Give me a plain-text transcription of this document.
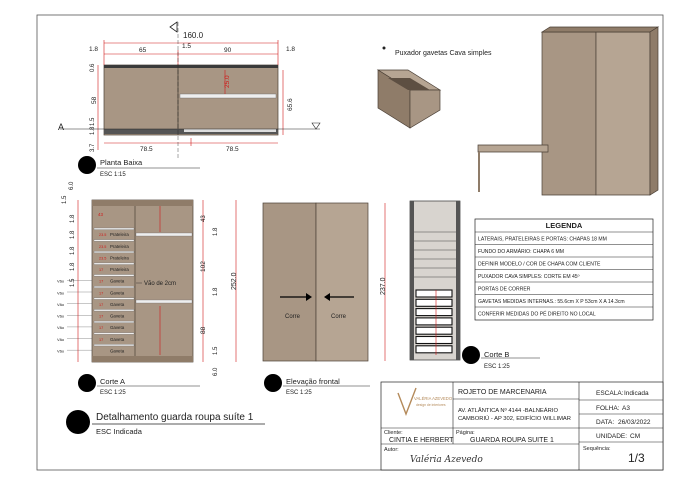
A
160.0
1.8	1.8
65
1.5
90
0.6
58
1.5
1.8
3.7
25.0
65.6
78.5	78.5
Planta Baixa
ESC 1:15
Puxador gavetas Cava simples
Prateleira
23.5
Prateleira
23.5
Prateleira
23.5
Prateleira
17
Gaveta
17
Vão
Gaveta
17
Vão
Gaveta
17
Vão
Gaveta
17
Vão
Gaveta
17
Vão
Gaveta
17
Vão
Gaveta
Vão
43
6.0
1.5
1.8
1.8
1.8
1.8
1.5
43
1.8
102
1.8
88
1.5
252.0
6.0
Vão de 2cm
Corte A
ESC 1:25
Corre	Corre
237.0
Elevação frontal
ESC 1:25
Corte B
ESC 1:25
LEGENDA
LATERAIS, PRATELEIRAS E PORTAS: CHAPAS 18 MM
FUNDO DO ARMÁRIO: CHAPA 6 MM
DEFINIR MODELO / COR DE CHAPA COM CLIENTE
PUXADOR CAVA SIMPLES: CORTE EM 45º
PORTAS DE CORRER
GAVETAS MEDIDAS INTERNAS.: 55.6cm X P 53cm X A 14.3cm
CONFERIR MEDIDAS DO PÉ DIREITO NO LOCAL
Detalhamento guarda roupa suíte 1
ESC Indicada
VALÉRIA AZEVEDO
design de interiores
ROJETO DE MARCENARIA
AV. ATLÂNTICA Nº 4144 -BALNEÁRIO
CAMBORIÚ - AP 302, EDIFÍCIO WILLIMAR
Cliente:
CINTIA E HERBERT
Página:
GUARDA ROUPA SUITE 1
Autor:
Valéria Azevedo
ESCALA: Indicada
FOLHA: A3
DATA: 26/03/2022
UNIDADE: CM
Sequência:
1/3
